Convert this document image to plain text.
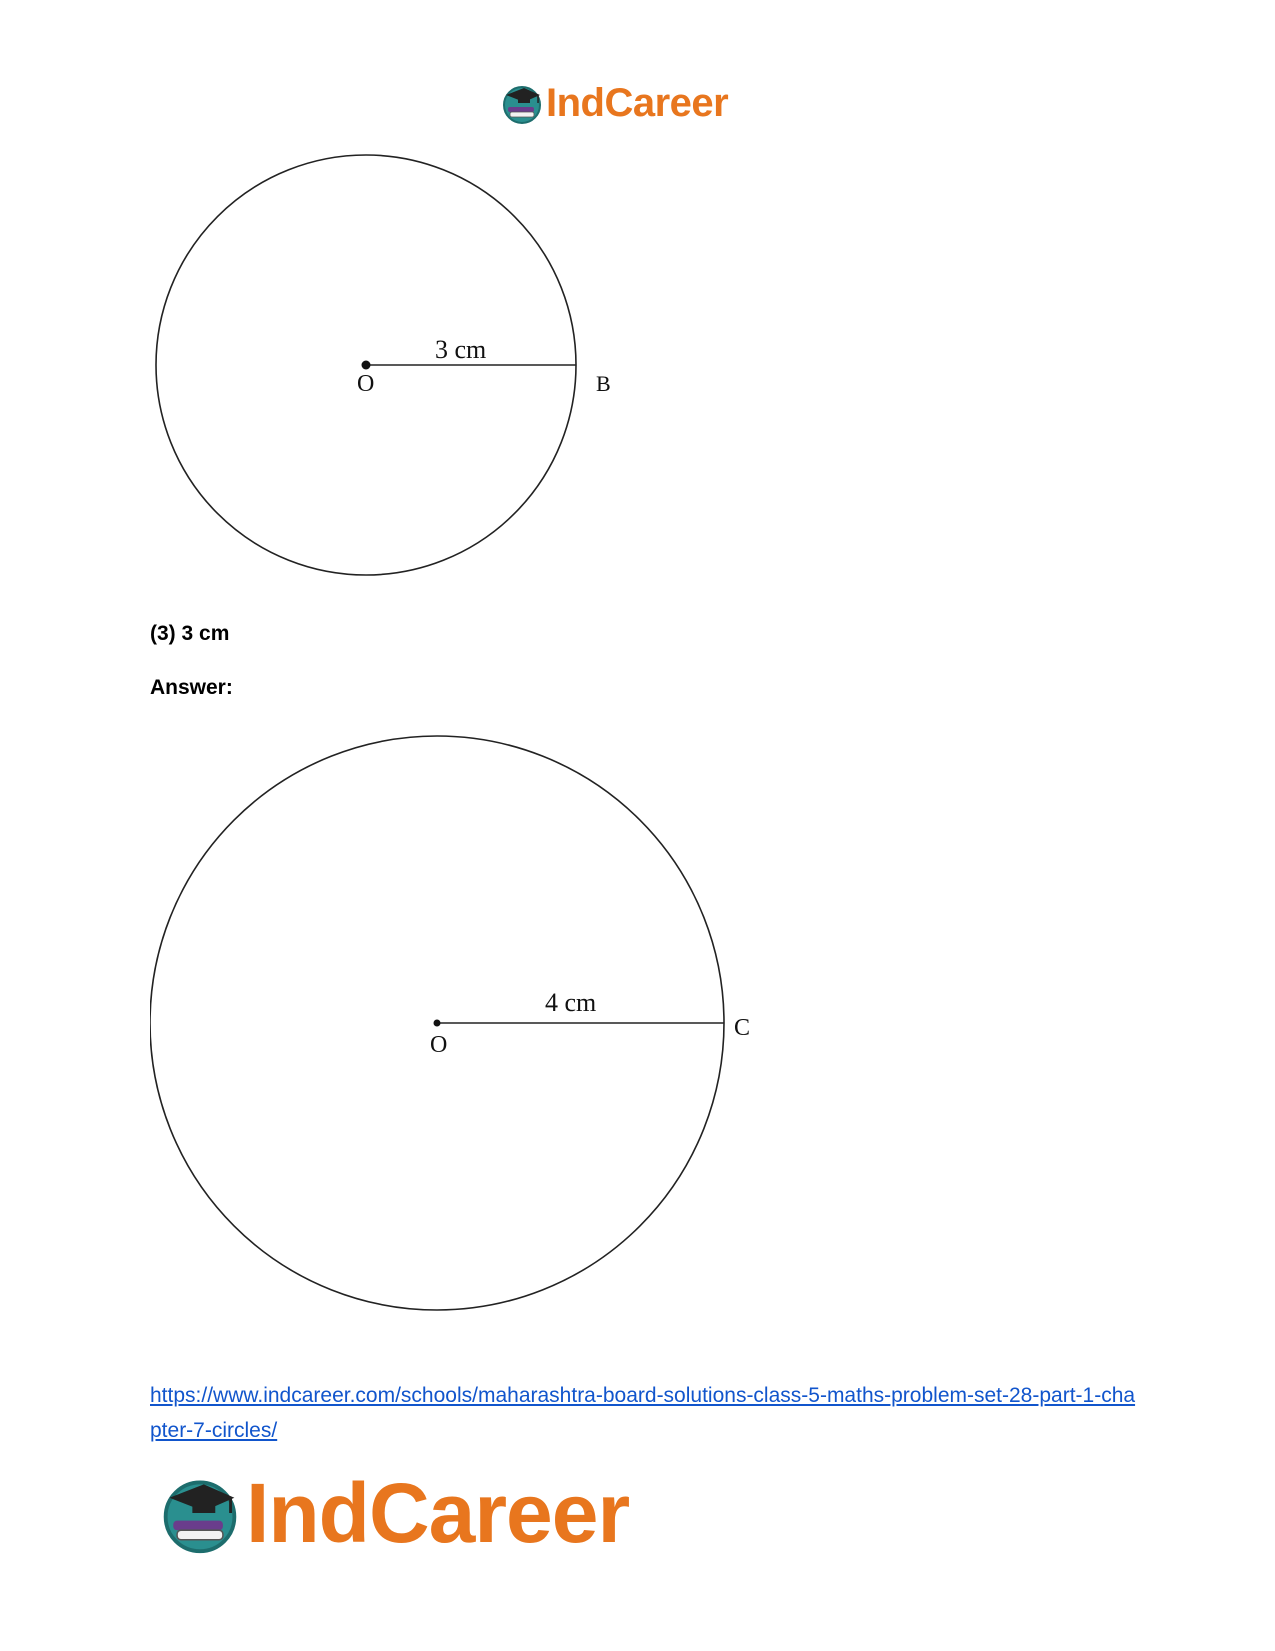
IndCareer
3 cm
O	B
(3) 3 cm
Answer:
4 cm
O
C
https://www.indcareer.com/schools/maharashtra-board-solutions-class-5-maths-problem-set-28-part-1-chapter-7-circles/
IndCareer
